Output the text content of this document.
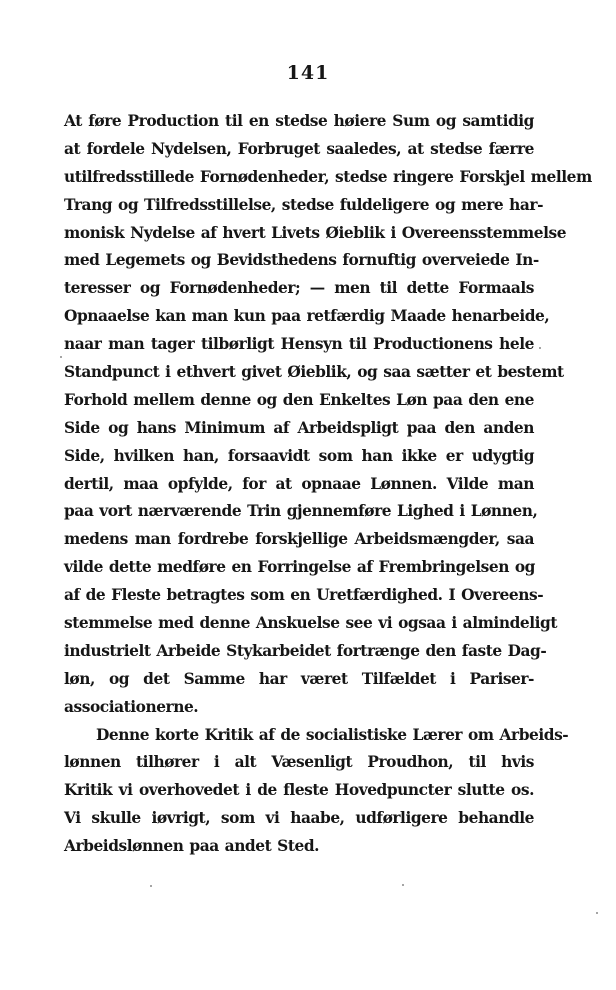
141
At føre Production til en stedse høiere Sum og samtidig
at fordele Nydelsen, Forbruget saaledes, at stedse færre
utilfredsstillede Fornødenheder, stedse ringere Forskjel mellem
Trang og Tilfredsstillelse, stedse fuldeligere og mere har-
monisk Nydelse af hvert Livets Øieblik i Overeensstemmelse
med Legemets og Bevidsthedens fornuftig overveiede In-
teresser og Fornødenheder; — men til dette Formaals
Opnaaelse kan man kun paa retfærdig Maade henarbeide,
naar man tager tilbørligt Hensyn til Productionens hele
Standpunct i ethvert givet Øieblik, og saa sætter et bestemt
Forhold mellem denne og den Enkeltes Løn paa den ene
Side og hans Minimum af Arbeidspligt paa den anden
Side, hvilken han, forsaavidt som han ikke er udygtig
dertil, maa opfylde, for at opnaae Lønnen. Vilde man
paa vort nærværende Trin gjennemføre Lighed i Lønnen,
medens man fordrebe forskjellige Arbeidsmængder, saa
vilde dette medføre en Forringelse af Frembringelsen og
af de Fleste betragtes som en Uretfærdighed. I Overeens-
stemmelse med denne Anskuelse see vi ogsaa i almindeligt
industrielt Arbeide Stykarbeidet fortrænge den faste Dag-
løn, og det Samme har været Tilfældet i Pariser-
associationerne.
Denne korte Kritik af de socialistiske Lærer om Arbeids-
lønnen tilhører i alt Væsenligt Proudhon, til hvis
Kritik vi overhovedet i de fleste Hovedpuncter slutte os.
Vi skulle iøvrigt, som vi haabe, udførligere behandle
Arbeidslønnen paa andet Sted.
